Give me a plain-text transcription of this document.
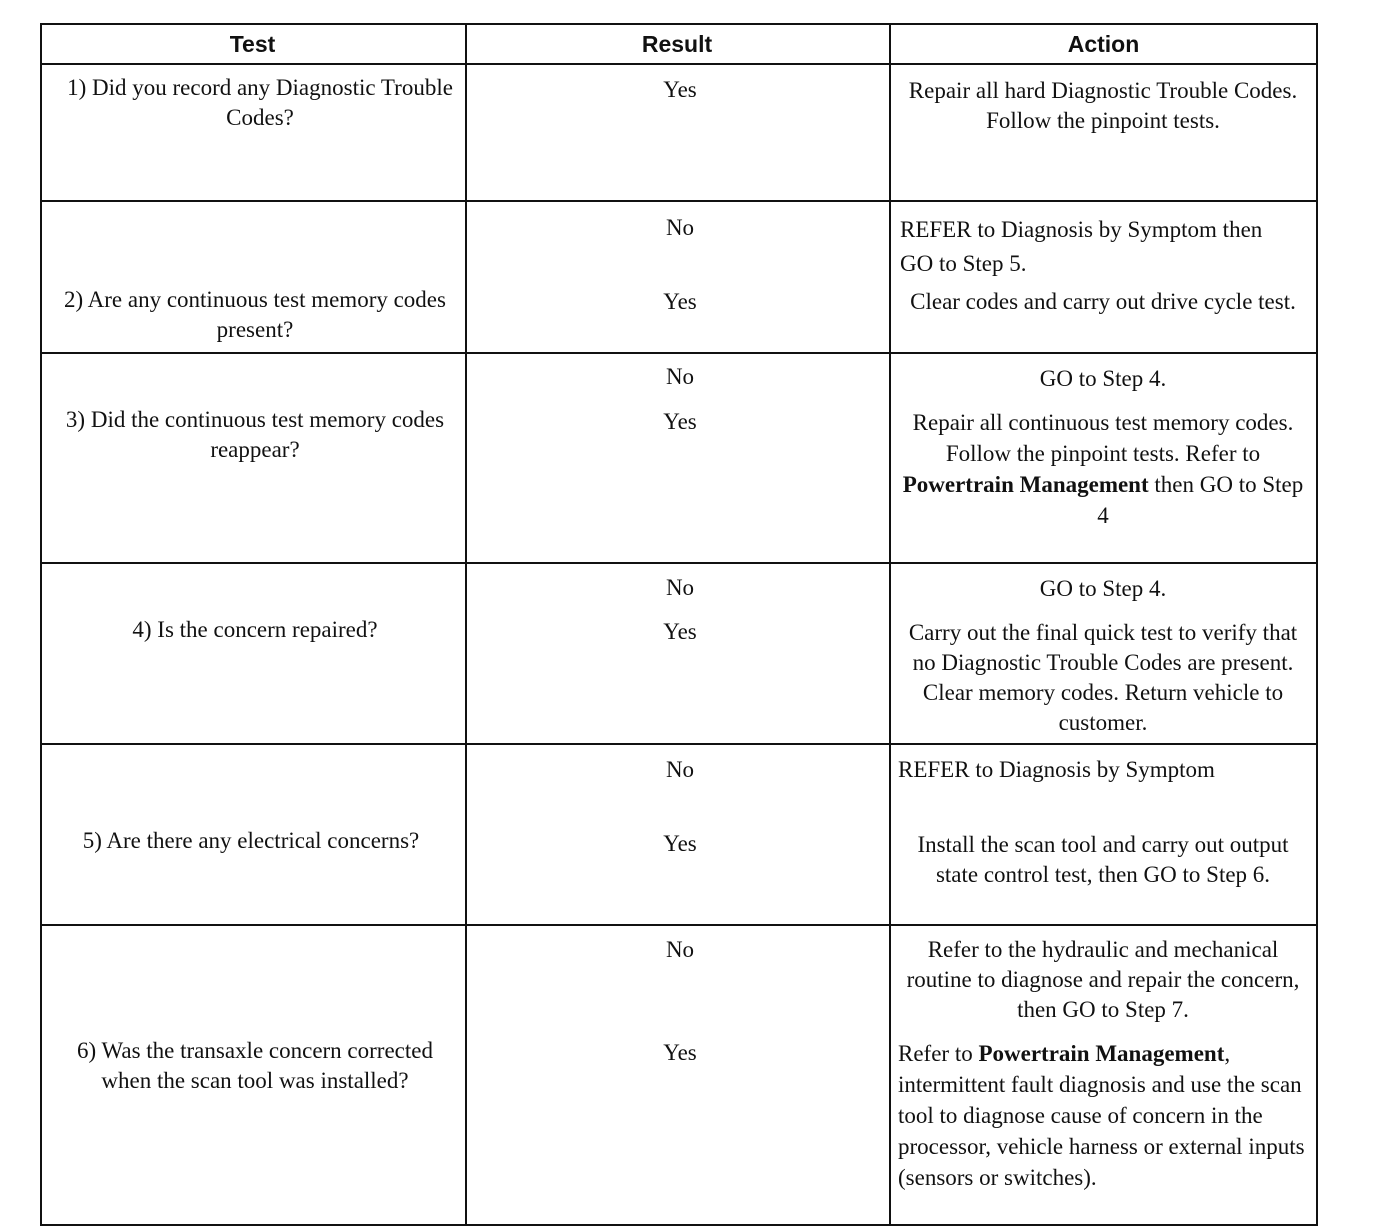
Test	Result	Action
1) Did you record any Diagnostic Trouble Codes?
Yes	Repair all hard Diagnostic Trouble Codes. Follow the pinpoint tests.
2) Are any continuous test memory codes present?
No	REFER to Diagnosis by Symptom then GO to Step 5.
Yes	Clear codes and carry out drive cycle test.
3) Did the continuous test memory codes reappear?
No	GO to Step 4.
Yes	Repair all continuous test memory codes. Follow the pinpoint tests. Refer to Powertrain Management then GO to Step 4
4) Is the concern repaired?
No	GO to Step 4.
Yes	Carry out the final quick test to verify that no Diagnostic Trouble Codes are present. Clear memory codes. Return vehicle to customer.
5) Are there any electrical concerns?
No	REFER to Diagnosis by Symptom
Yes	Install the scan tool and carry out output state control test, then GO to Step 6.
6) Was the transaxle concern corrected when the scan tool was installed?
No	Refer to the hydraulic and mechanical routine to diagnose and repair the concern, then GO to Step 7.
Yes	Refer to Powertrain Management, intermittent fault diagnosis and use the scan tool to diagnose cause of concern in the processor, vehicle harness or external inputs (sensors or switches).
